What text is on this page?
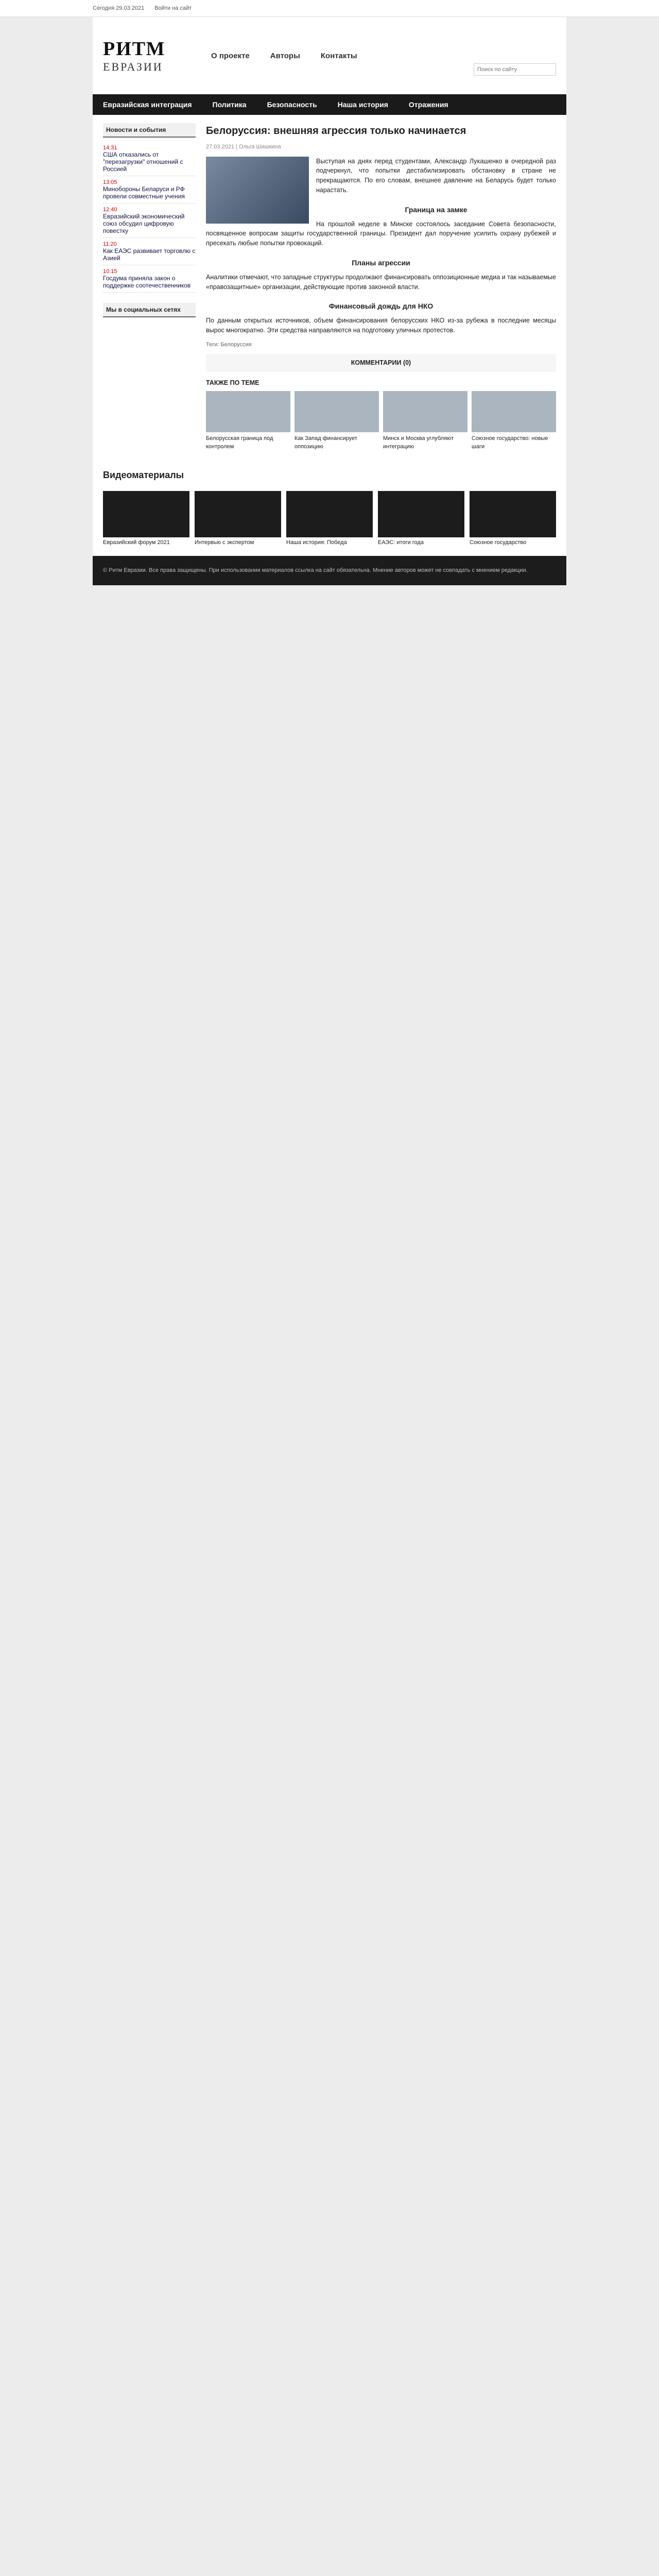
Сегодня 29.03.2021 Войти на сайт
РИТМ
ЕВРАЗИИ
О проекте	Авторы	Контакты
Поиск по сайту
Евразийская интеграция	Политика	Безопасность	Наша история	Отражения
Новости и события
14:31
США отказались от "перезагрузки" отношений с Россией
13:05
Минобороны Беларуси и РФ провели совместные учения
12:40
Евразийский экономический союз обсудил цифровую повестку
11:20
Как ЕАЭС развивает торговлю с Азией
10:15
Госдума приняла закон о поддержке соотечественников
Мы в социальных сетях
Белоруссия: внешняя агрессия только начинается
27.03.2021 | Ольга Шишкина

Выступая на днях перед студентами, Александр Лукашенко в очередной раз подчеркнул, что попытки дестабилизировать обстановку в стране не прекращаются. По его словам, внешнее давление на Беларусь будет только нарастать.

Граница на замке

На прошлой неделе в Минске состоялось заседание Совета безопасности, посвященное вопросам защиты государственной границы. Президент дал поручение усилить охрану рубежей и пресекать любые попытки провокаций.

Планы агрессии

Аналитики отмечают, что западные структуры продолжают финансировать оппозиционные медиа и так называемые «правозащитные» организации, действующие против законной власти.

Финансовый дождь для НКО

По данным открытых источников, объем финансирования белорусских НКО из-за рубежа в последние месяцы вырос многократно. Эти средства направляются на подготовку уличных протестов.

Теги: Белоруссия
КОММЕНТАРИИ (0)
ТАКЖЕ ПО ТЕМЕ
Белорусская граница под контролем
Как Запад финансирует оппозицию
Минск и Москва углубляют интеграцию
Союзное государство: новые шаги
Видеоматериалы
Евразийский форум 2021	Интервью с экспертом	Наша история: Победа	ЕАЭС: итоги года	Союзное государство
© Ритм Евразии. Все права защищены. При использовании материалов ссылка на сайт обязательна. Мнение авторов может не совпадать с мнением редакции.
